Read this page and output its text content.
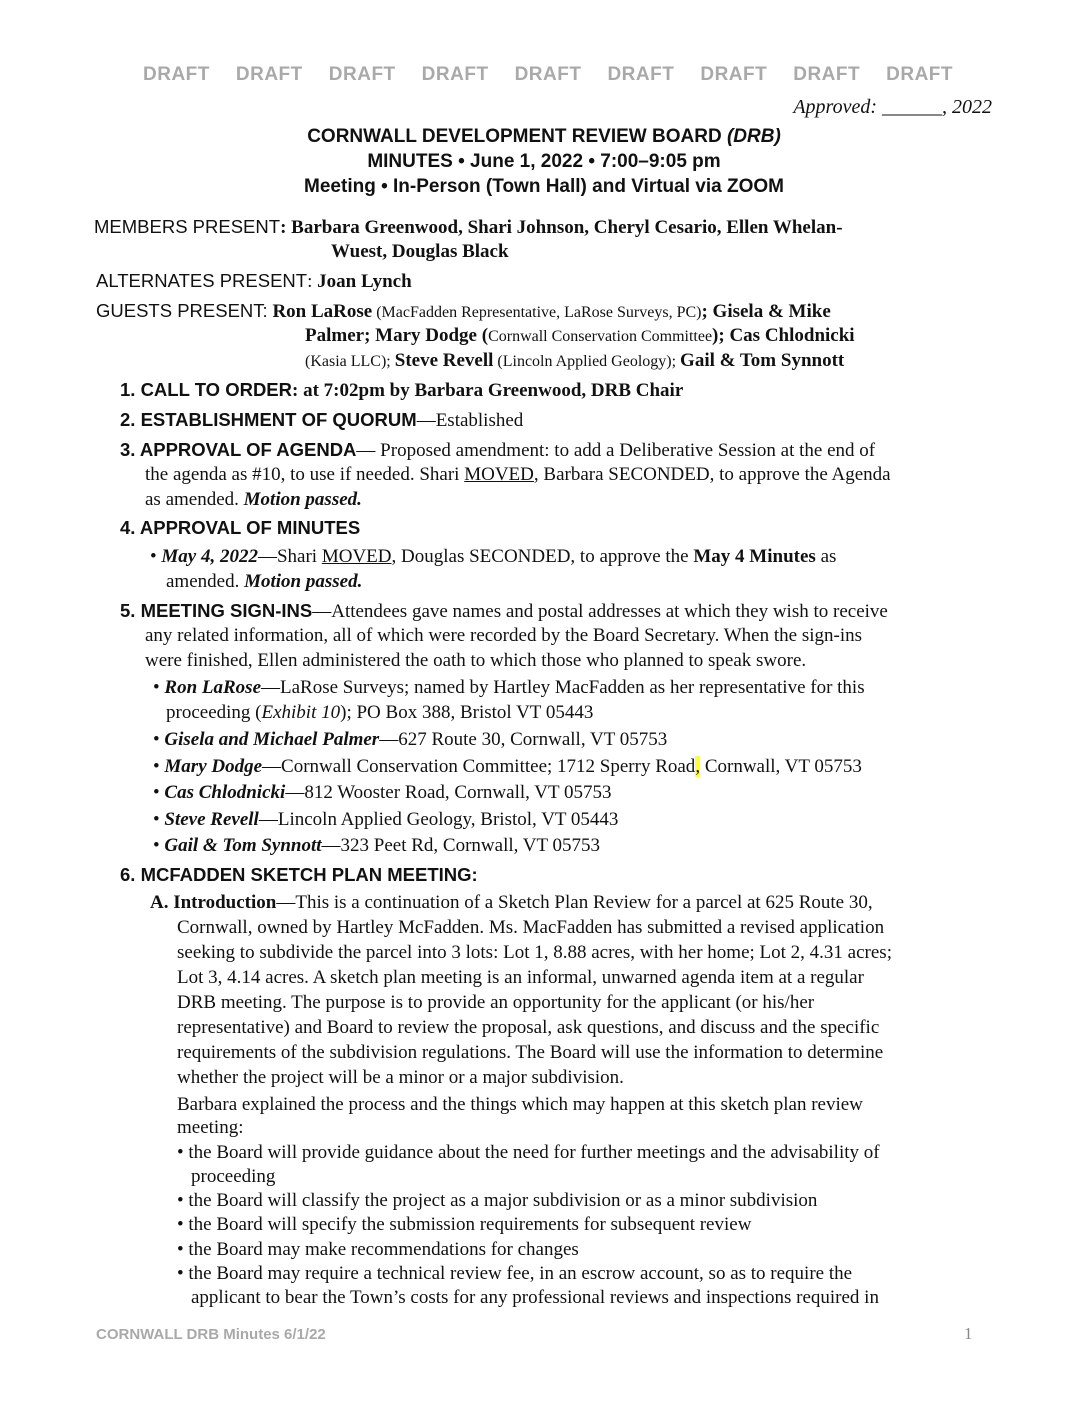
DRAFT DRAFT DRAFT DRAFT DRAFT DRAFT DRAFT DRAFT DRAFT
Approved: ______, 2022
CORNWALL DEVELOPMENT REVIEW BOARD (DRB)
MINUTES • June 1, 2022 • 7:00–9:05 pm
Meeting • In-Person (Town Hall) and Virtual via ZOOM
MEMBERS PRESENT: Barbara Greenwood, Shari Johnson, Cheryl Cesario, Ellen Whelan-
Wuest, Douglas Black
ALTERNATES PRESENT: Joan Lynch
GUESTS PRESENT: Ron LaRose (MacFadden Representative, LaRose Surveys, PC); Gisela & Mike
Palmer; Mary Dodge (Cornwall Conservation Committee); Cas Chlodnicki
(Kasia LLC); Steve Revell (Lincoln Applied Geology); Gail & Tom Synnott
1. CALL TO ORDER: at 7:02pm by Barbara Greenwood, DRB Chair
2. ESTABLISHMENT OF QUORUM—Established
3. APPROVAL OF AGENDA— Proposed amendment: to add a Deliberative Session at the end of
the agenda as #10, to use if needed. Shari MOVED, Barbara SECONDED, to approve the Agenda
as amended. Motion passed.
4. APPROVAL OF MINUTES
• May 4, 2022—Shari MOVED, Douglas SECONDED, to approve the May 4 Minutes as
amended. Motion passed.
5. MEETING SIGN-INS—Attendees gave names and postal addresses at which they wish to receive
any related information, all of which were recorded by the Board Secretary. When the sign-ins
were finished, Ellen administered the oath to which those who planned to speak swore.
• Ron LaRose—LaRose Surveys; named by Hartley MacFadden as her representative for this
proceeding (Exhibit 10); PO Box 388, Bristol VT 05443
• Gisela and Michael Palmer—627 Route 30, Cornwall, VT 05753
• Mary Dodge—Cornwall Conservation Committee; 1712 Sperry Road, Cornwall, VT 05753
• Cas Chlodnicki—812 Wooster Road, Cornwall, VT 05753
• Steve Revell—Lincoln Applied Geology, Bristol, VT 05443
• Gail & Tom Synnott—323 Peet Rd, Cornwall, VT 05753
6. MCFADDEN SKETCH PLAN MEETING:
A. Introduction—This is a continuation of a Sketch Plan Review for a parcel at 625 Route 30,
Cornwall, owned by Hartley McFadden. Ms. MacFadden has submitted a revised application
seeking to subdivide the parcel into 3 lots: Lot 1, 8.88 acres, with her home; Lot 2, 4.31 acres;
Lot 3, 4.14 acres. A sketch plan meeting is an informal, unwarned agenda item at a regular
DRB meeting. The purpose is to provide an opportunity for the applicant (or his/her
representative) and Board to review the proposal, ask questions, and discuss and the specific
requirements of the subdivision regulations. The Board will use the information to determine
whether the project will be a minor or a major subdivision.
Barbara explained the process and the things which may happen at this sketch plan review
meeting:
• the Board will provide guidance about the need for further meetings and the advisability of
proceeding
• the Board will classify the project as a major subdivision or as a minor subdivision
• the Board will specify the submission requirements for subsequent review
• the Board may make recommendations for changes
• the Board may require a technical review fee, in an escrow account, so as to require the
applicant to bear the Town’s costs for any professional reviews and inspections required in
CORNWALL DRB Minutes 6/1/22	1
